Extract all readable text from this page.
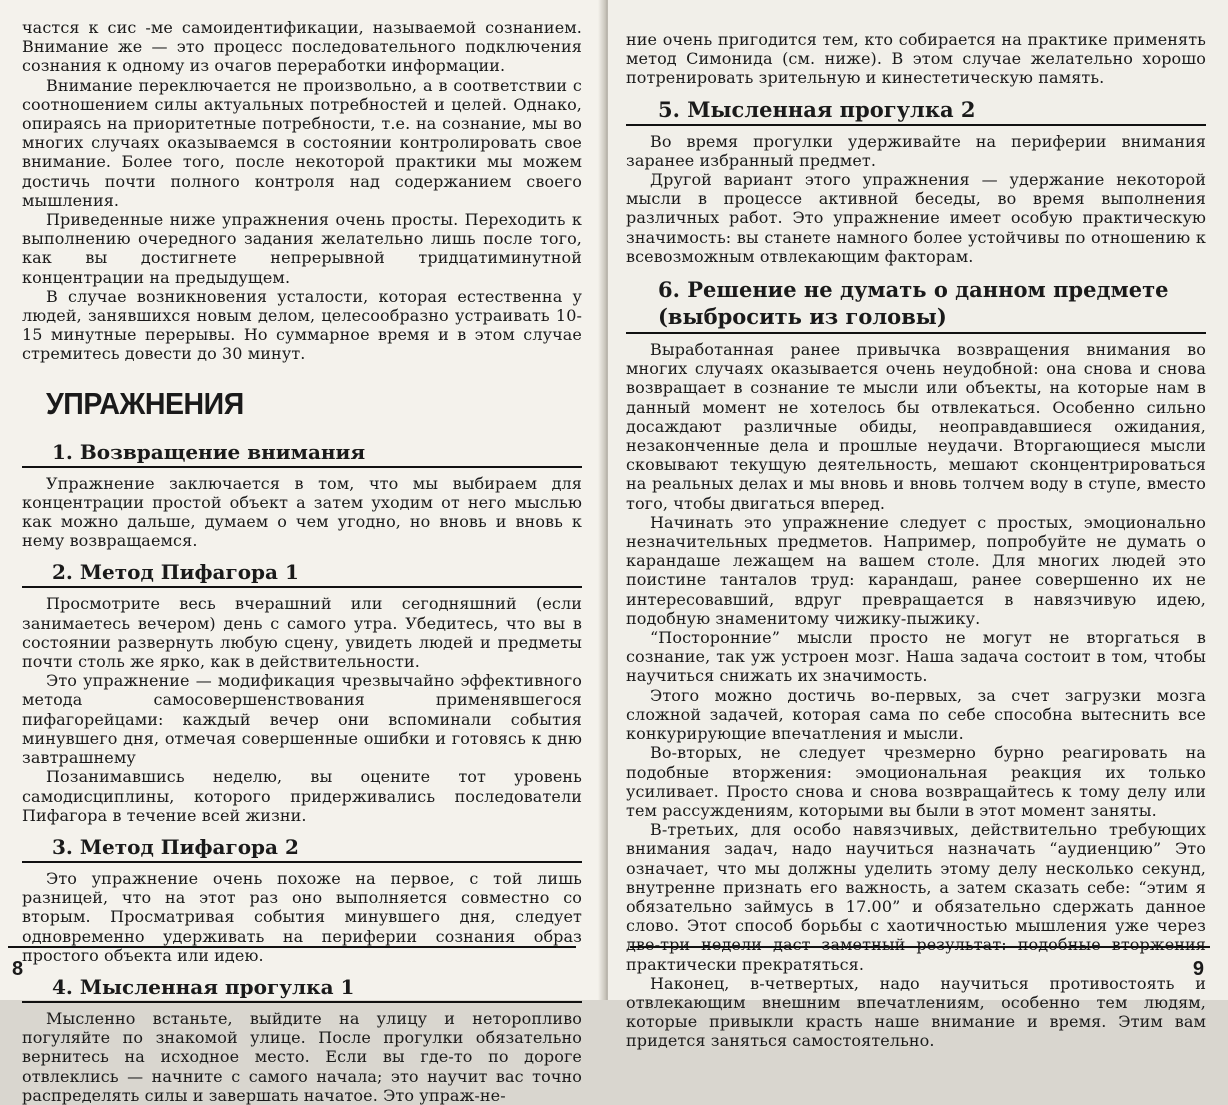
частся к сис ‑ме самоидентификации, называемой сознанием. Внимание же — это процесс последовательного подключения сознания к одному из очагов переработки информации.

Внимание переключается не произвольно, а в соответствии с соотношением силы актуальных потребностей и целей. Однако, опираясь на приоритетные потребности, т.е. на сознание, мы во многих случаях оказываемся в состоянии контролировать свое внимание. Более того, после некоторой практики мы можем достичь почти полного контроля над содержанием своего мышления.

Приведенные ниже упражнения очень просты. Переходить к выполнению очередного задания желательно лишь после того, как вы достигнете непрерывной тридцатиминутной концентрации на предыдущем.

В случае возникновения усталости, которая естественна у людей, занявшихся новым делом, целесообразно устраивать 10-15 минутные перерывы. Но суммарное время и в этом случае стремитесь довести до 30 минут.

УПРАЖНЕНИЯ
1. Возвращение внимания

Упражнение заключается в том, что мы выбираем для концентрации простой объект а затем уходим от него мыслью как можно дальше, думаем о чем угодно, но вновь и вновь к нему возвращаемся.

2. Метод Пифагора 1

Просмотрите весь вчерашний или сегодняшний (если занимаетесь вечером) день с самого утра. Убедитесь, что вы в состоянии развернуть любую сцену, увидеть людей и предметы почти столь же ярко, как в действительности.

Это упражнение — модификация чрезвычайно эффективного метода самосовершенствования применявшегося пифагорейцами: каждый вечер они вспоминали события минувшего дня, отмечая совершенные ошибки и готовясь к дню завтрашнему

Позанимавшись неделю, вы оцените тот уровень самодисциплины, которого придерживались последователи Пифагора в течение всей жизни.

3. Метод Пифагора 2

Это упражнение очень похоже на первое, с той лишь разницей, что на этот раз оно выполняется совместно со вторым. Просматривая события минувшего дня, следует одновременно удерживать на периферии сознания образ простого объекта или идею.

4. Мысленная прогулка 1

Мысленно встаньте, выйдите на улицу и неторопливо погуляйте по знакомой улице. После прогулки обязательно вернитесь на исходное место. Если вы где-то по дороге отвлеклись — начните с самого начала; это научит вас точно распределять силы и завершать начатое. Это упраж‑не‑

8

ние очень пригодится тем, кто собирается на практике применять метод Симонида (см. ниже). В этом случае желательно хорошо потренировать зрительную и кинестетическую память.

5. Мысленная прогулка 2

Во время прогулки удерживайте на периферии внимания заранее избранный предмет.

Другой вариант этого упражнения — удержание некоторой мысли в процессе активной беседы, во время выполнения различных работ. Это упражнение имеет особую практическую значимость: вы станете намного более устойчивы по отношению к всевозможным отвлекающим факторам.

6. Решение не думать о данном предмете
(выбросить из головы)

Выработанная ранее привычка возвращения внимания во многих случаях оказывается очень неудобной: она снова и снова возвращает в сознание те мысли или объекты, на которые нам в данный момент не хотелось бы отвлекаться. Особенно сильно досаждают различные обиды, неоправдавшиеся ожидания, незаконченные дела и прошлые неудачи. Вторгающиеся мысли сковывают текущую деятельность, мешают сконцентрироваться на реальных делах и мы вновь и вновь толчем воду в ступе, вместо того, чтобы двигаться вперед.

Начинать это упражнение следует с простых, эмоционально незначительных предметов. Например, попробуйте не думать о карандаше лежащем на вашем столе. Для многих людей это поистине танталов труд: карандаш, ранее совершенно их не интересовавший, вдруг превращается в навязчивую идею, подобную знаменитому чижику-пыжику.

“Посторонние” мысли просто не могут не вторгаться в сознание, так уж устроен мозг. Наша задача состоит в том, чтобы научиться снижать их значимость.

Этого можно достичь во-первых, за счет загрузки мозга сложной задачей, которая сама по себе способна вытеснить все конкурирующие впечатления и мысли.

Во-вторых, не следует чрезмерно бурно реагировать на подобные вторжения: эмоциональная реакция их только усиливает. Просто снова и снова возвращайтесь к тому делу или тем рассуждениям, которыми вы были в этот момент заняты.

В-третьих, для особо навязчивых, действительно требующих внимания задач, надо научиться назначать “аудиенцию” Это означает, что мы должны уделить этому делу несколько секунд, внутренне признать его важность, а затем сказать себе: “этим я обязательно займусь в 17.00” и обязательно сдержать данное слово. Этот способ борьбы с хаотичностью мышления уже через две-три недели даст заметный результат: подобные вторжения практически прекратяться.

Наконец, в-четвертых, надо научиться противостоять и отвлекающим внешним впечатлениям, особенно тем людям, которые привыкли красть наше внимание и время. Этим вам придется заняться самостоятельно.

9
